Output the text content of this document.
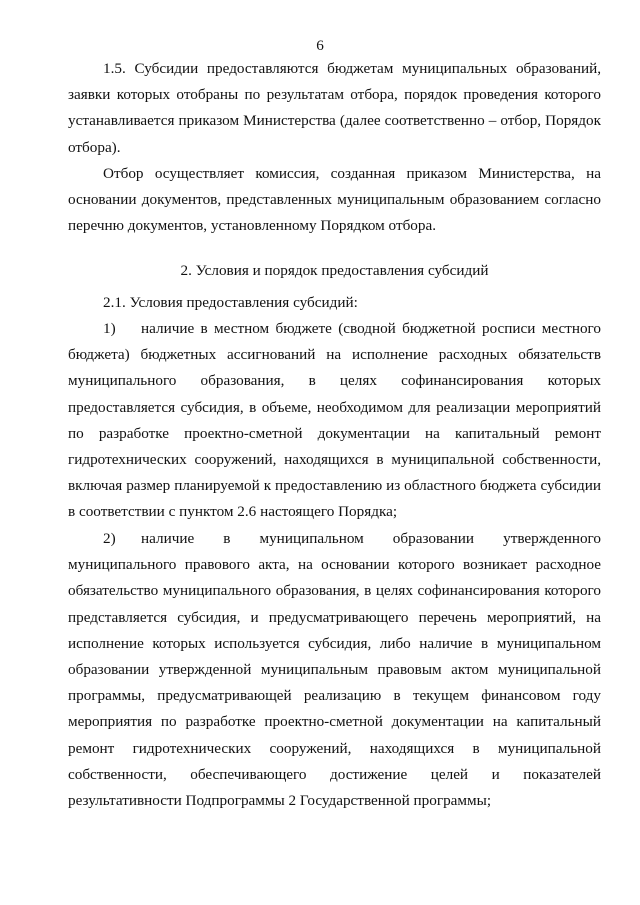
6
1.5. Субсидии предоставляются бюджетам муниципальных образований,
заявки которых отобраны по результатам отбора, порядок проведения которого
устанавливается приказом Министерства (далее соответственно – отбор, Порядок
отбора).
Отбор осуществляет комиссия, созданная приказом Министерства, на
основании документов, представленных муниципальным образованием согласно
перечню документов, установленному Порядком отбора.
2. Условия и порядок предоставления субсидий
2.1. Условия предоставления субсидий:
1) наличие в местном бюджете (сводной бюджетной росписи местного
бюджета) бюджетных ассигнований на исполнение расходных обязательств
муниципального образования, в целях софинансирования которых
предоставляется субсидия, в объеме, необходимом для реализации мероприятий
по разработке проектно-сметной документации на капитальный ремонт
гидротехнических сооружений, находящихся в муниципальной собственности,
включая размер планируемой к предоставлению из областного бюджета субсидии
в соответствии с пунктом 2.6 настоящего Порядка;
2) наличие в муниципальном образовании утвержденного
муниципального правового акта, на основании которого возникает расходное
обязательство муниципального образования, в целях софинансирования которого
представляется субсидия, и предусматривающего перечень мероприятий, на
исполнение которых используется субсидия, либо наличие в муниципальном
образовании утвержденной муниципальным правовым актом муниципальной
программы, предусматривающей реализацию в текущем финансовом году
мероприятия по разработке проектно-сметной документации на капитальный
ремонт гидротехнических сооружений, находящихся в муниципальной
собственности, обеспечивающего достижение целей и показателей
результативности Подпрограммы 2 Государственной программы;
